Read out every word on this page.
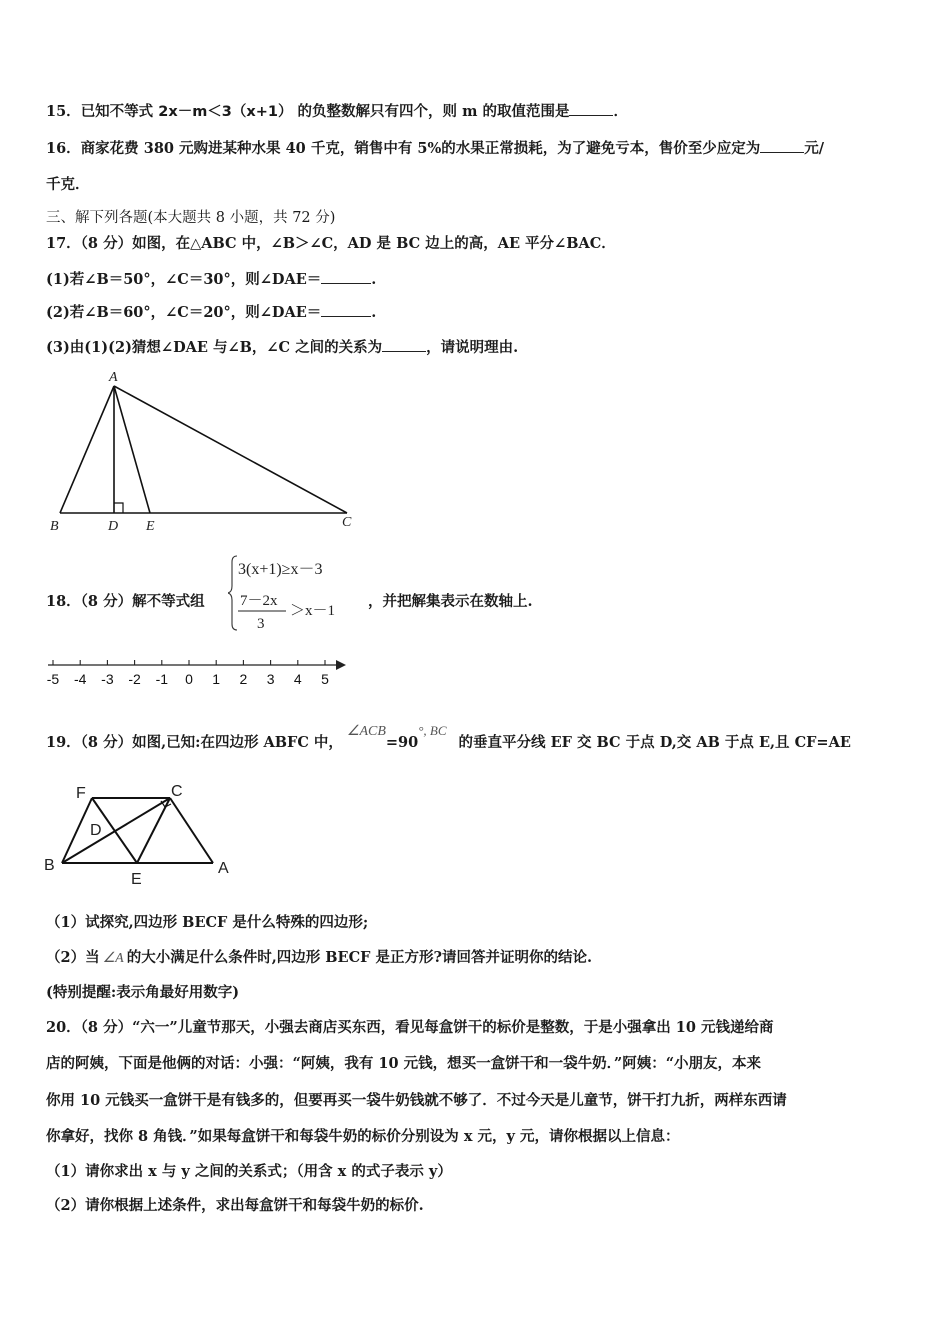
15．已知不等式 2x－m＜3（x+1） 的负整数解只有四个，则 m 的取值范围是	．
16．商家花费 380 元购进某种水果 40 千克，销售中有 5%的水果正常损耗，为了避免亏本，售价至少应定为	元/
千克．
三、解下列各题(本大题共 8 小题，共 72 分)
17．（8 分）如图，在△ABC 中，∠B＞∠C，AD 是 BC 边上的高，AE 平分∠BAC．
(1)若∠B＝50°，∠C＝30°，则∠DAE＝	.
(2)若∠B＝60°，∠C＝20°，则∠DAE＝	.
(3)由(1)(2)猜想∠DAE 与∠B，∠C 之间的关系为	，请说明理由.
A
B	D E	C
18．（8 分）解不等式组
3(x+1)≥x－3
7－2x
3
＞x－1
，并把解集表示在数轴上.
-5 -4 -3 -2 -1 0 1 2 3 4 5
19．（8 分）如图,已知:在四边形 ABFC 中，∠ACB=90°, BC的垂直平分线 EF 交 BC 于点 D,交 AB 于点 E,且 CF=AE
F	C
D
B
E
A
（1）试探究,四边形 BECF 是什么特殊的四边形;
（2）当 ∠A 的大小满足什么条件时,四边形 BECF 是正方形?请回答并证明你的结论.
(特别提醒:表示角最好用数字)
20．（8 分）“六一”儿童节那天，小强去商店买东西，看见每盒饼干的标价是整数，于是小强拿出 10 元钱递给商
店的阿姨，下面是他俩的对话：小强：“阿姨，我有 10 元钱，想买一盒饼干和一袋牛奶．”阿姨：“小朋友，本来
你用 10 元钱买一盒饼干是有钱多的，但要再买一袋牛奶钱就不够了．不过今天是儿童节，饼干打九折，两样东西请
你拿好，找你 8 角钱．”如果每盒饼干和每袋牛奶的标价分别设为 x 元，y 元，请你根据以上信息：
（1）请你求出 x 与 y 之间的关系式；（用含 x 的式子表示 y）
（2）请你根据上述条件，求出每盒饼干和每袋牛奶的标价.
